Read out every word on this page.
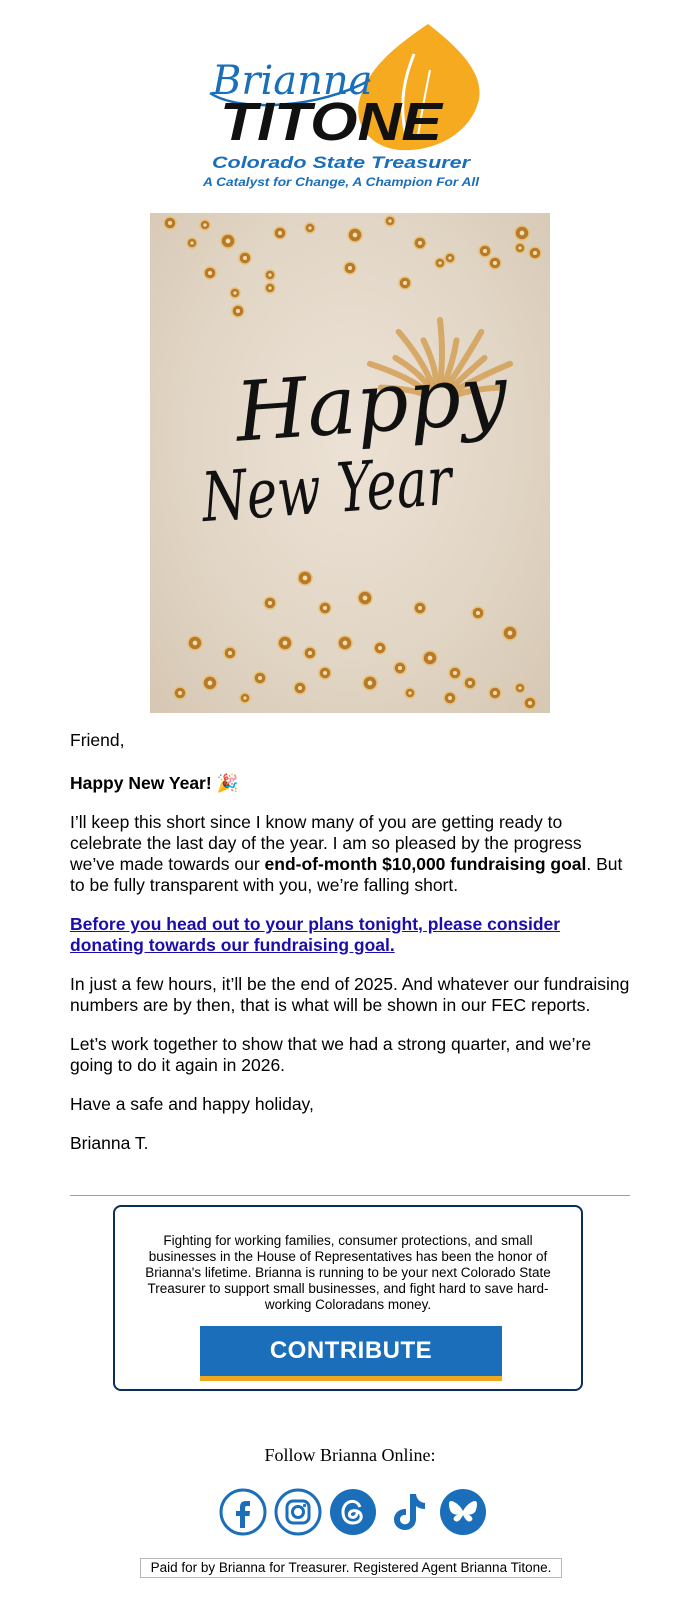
Brianna
TITONE
Colorado State Treasurer
A Catalyst for Change, A Champion For All
Happy
New Year

Friend,

Happy New Year! 🎉

I’ll keep this short since I know many of you are getting ready to celebrate the last day of the year. I am so pleased by the progress we’ve made towards our end-of-month $10,000 fundraising goal. But to be fully transparent with you, we’re falling short.

Before you head out to your plans tonight, please consider donating towards our fundraising goal.

In just a few hours, it’ll be the end of 2025. And whatever our fundraising numbers are by then, that is what will be shown in our FEC reports.

Let’s work together to show that we had a strong quarter, and we’re going to do it again in 2026.

Have a safe and happy holiday,

Brianna T.

Fighting for working families, consumer protections, and small businesses in the House of Representatives has been the honor of Brianna's lifetime. Brianna is running to be your next Colorado State Treasurer to support small businesses, and fight hard to save hard-working Coloradans money.
CONTRIBUTE
Follow Brianna Online:
Paid for by Brianna for Treasurer. Registered Agent Brianna Titone.
